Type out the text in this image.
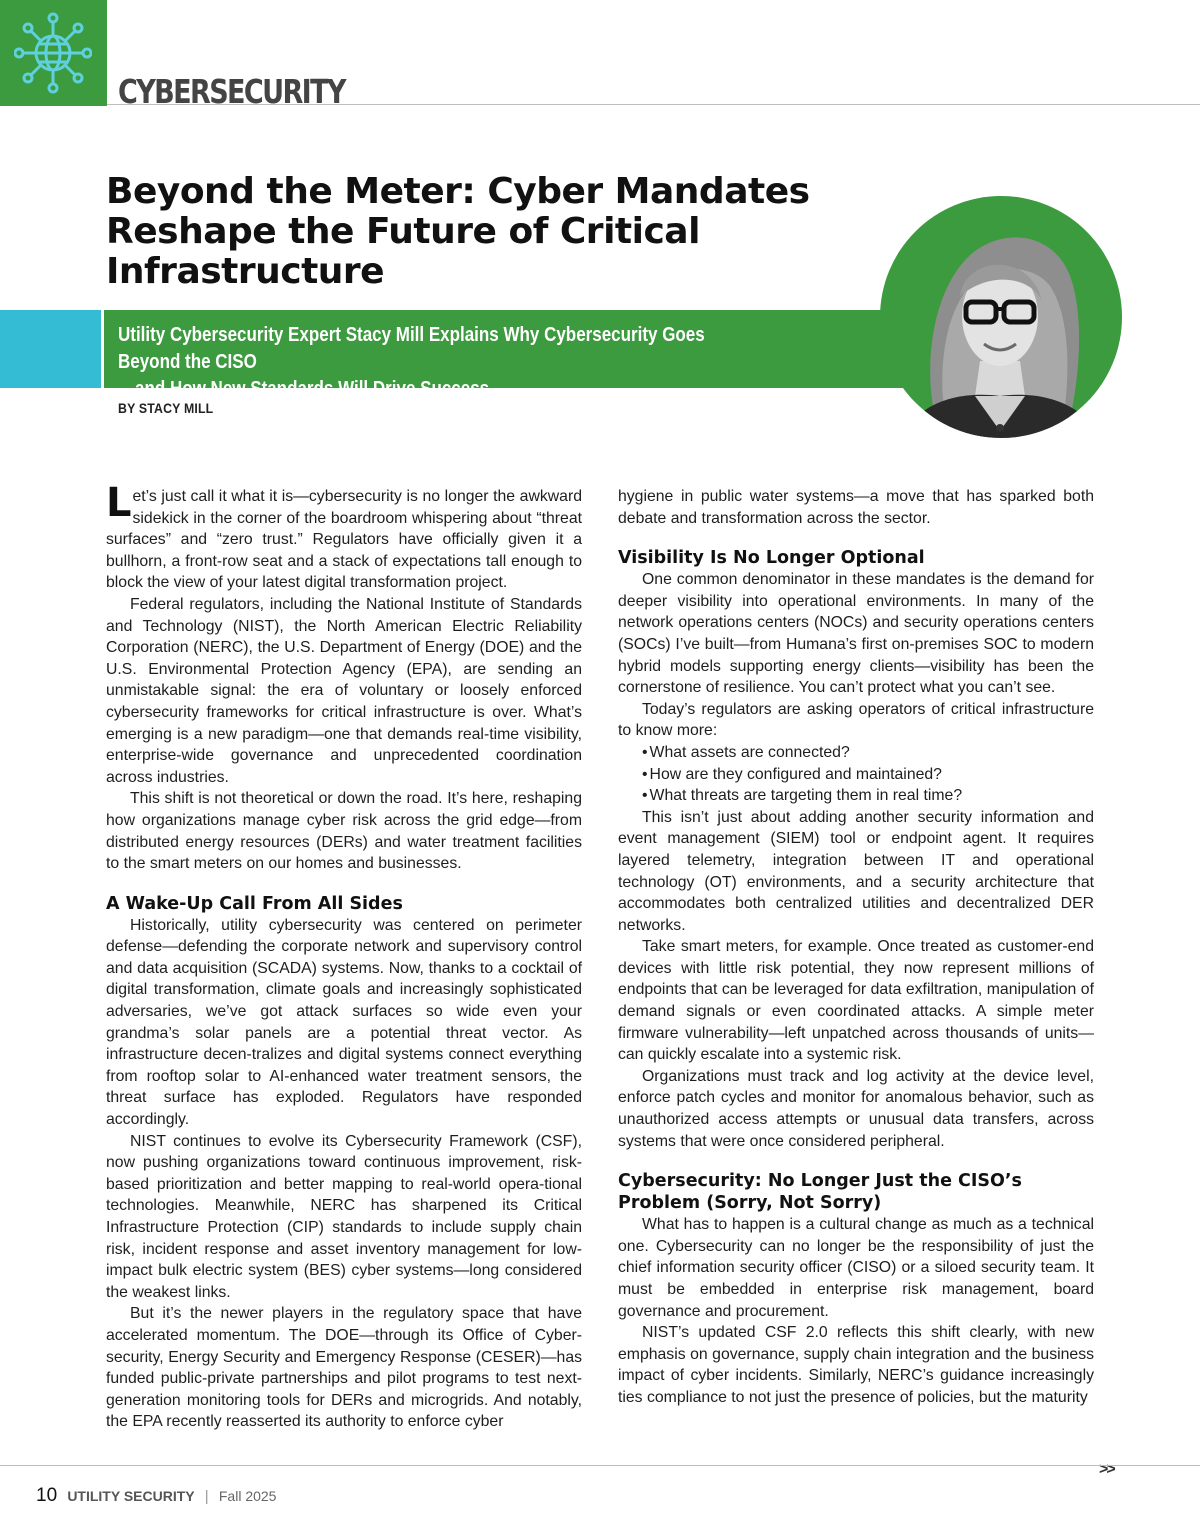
CYBERSECURITY
Beyond the Meter: Cyber Mandates Reshape the Future of Critical Infrastructure
Utility Cybersecurity Expert Stacy Mill Explains Why Cybersecurity Goes Beyond the CISO
—and How New Standards Will Drive Success
BY STACY MILL

Let’s just call it what it is—cybersecurity is no longer the awkward sidekick in the corner of the boardroom whispering about “threat surfaces” and “zero trust.” Regulators have officially given it a bullhorn, a front-row seat and a stack of expectations tall enough to block the view of your latest digital transformation project.

Federal regulators, including the National Institute of Standards and Technology (NIST), the North American Electric Reliability Corporation (NERC), the U.S. Department of Energy (DOE) and the U.S. Environmental Protection Agency (EPA), are sending an unmistakable signal: the era of voluntary or loosely enforced cybersecurity frameworks for critical infrastructure is over. What’s emerging is a new paradigm—one that demands real-time visibility, enterprise-wide governance and unprecedented coordination across industries.

This shift is not theoretical or down the road. It’s here, reshaping how organizations manage cyber risk across the grid edge—from distributed energy resources (DERs) and water treatment facilities to the smart meters on our homes and businesses.

A Wake-Up Call From All Sides

Historically, utility cybersecurity was centered on perimeter defense—defending the corporate network and supervisory control and data acquisition (SCADA) systems. Now, thanks to a cocktail of digital transformation, climate goals and increasingly sophisticated adversaries, we’ve got attack surfaces so wide even your grandma’s solar panels are a potential threat vector. As infrastructure decen-tralizes and digital systems connect everything from rooftop solar to AI-enhanced water treatment sensors, the threat surface has exploded. Regulators have responded accordingly.

NIST continues to evolve its Cybersecurity Framework (CSF), now pushing organizations toward continuous improvement, risk-based prioritization and better mapping to real-world opera-tional technologies. Meanwhile, NERC has sharpened its Critical Infrastructure Protection (CIP) standards to include supply chain risk, incident response and asset inventory management for low-impact bulk electric system (BES) cyber systems—long considered the weakest links.

But it’s the newer players in the regulatory space that have accelerated momentum. The DOE—through its Office of Cyber-security, Energy Security and Emergency Response (CESER)—has funded public-private partnerships and pilot programs to test next-generation monitoring tools for DERs and microgrids. And notably, the EPA recently reasserted its authority to enforce cyber

hygiene in public water systems—a move that has sparked both debate and transformation across the sector.

Visibility Is No Longer Optional

One common denominator in these mandates is the demand for deeper visibility into operational environments. In many of the network operations centers (NOCs) and security operations centers (SOCs) I’ve built—from Humana’s first on-premises SOC to modern hybrid models supporting energy clients—visibility has been the cornerstone of resilience. You can’t protect what you can’t see.

Today’s regulators are asking operators of critical infrastructure to know more:

• What assets are connected?
• How are they configured and maintained?
• What threats are targeting them in real time?

This isn’t just about adding another security information and event management (SIEM) tool or endpoint agent. It requires layered telemetry, integration between IT and operational technology (OT) environments, and a security architecture that accommodates both centralized utilities and decentralized DER networks.

Take smart meters, for example. Once treated as customer-end devices with little risk potential, they now represent millions of endpoints that can be leveraged for data exfiltration, manipulation of demand signals or even coordinated attacks. A simple meter firmware vulnerability—left unpatched across thousands of units—can quickly escalate into a systemic risk.

Organizations must track and log activity at the device level, enforce patch cycles and monitor for anomalous behavior, such as unauthorized access attempts or unusual data transfers, across systems that were once considered peripheral.

Cybersecurity: No Longer Just the CISO’s Problem (Sorry, Not Sorry)

What has to happen is a cultural change as much as a technical one. Cybersecurity can no longer be the responsibility of just the chief information security officer (CISO) or a siloed security team. It must be embedded in enterprise risk management, board governance and procurement.

NIST’s updated CSF 2.0 reflects this shift clearly, with new emphasis on governance, supply chain integration and the business impact of cyber incidents. Similarly, NERC’s guidance increasingly ties compliance to not just the presence of policies, but the maturity

>>
10 UTILITY SECURITY | Fall 2025
